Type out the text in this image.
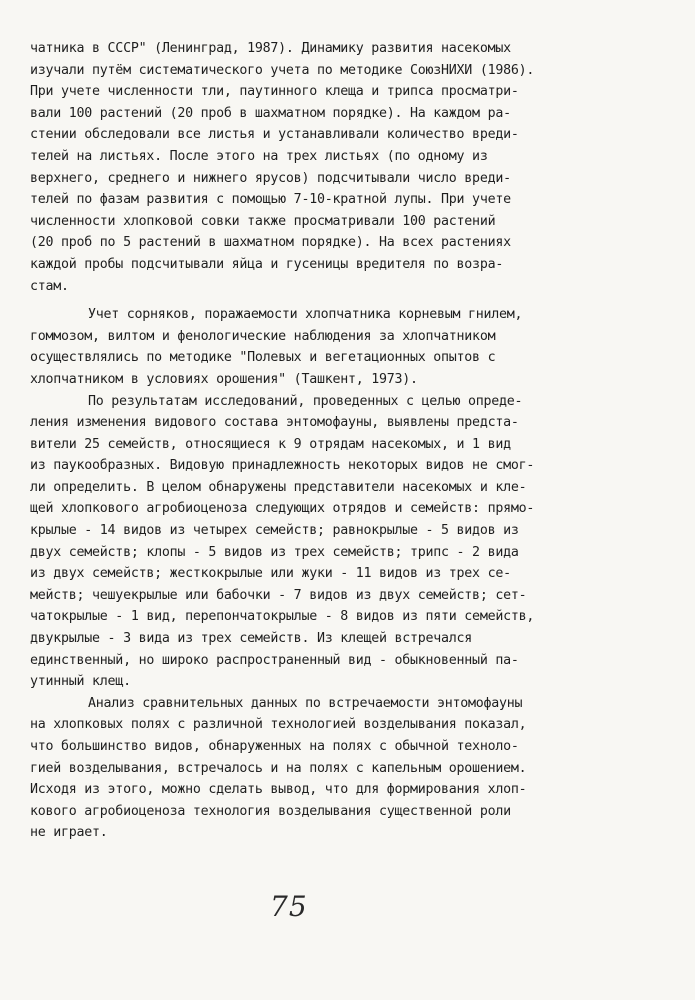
чатника в СССР" (Ленинград, 1987). Динамику развития насекомых
изучали путём систематического учета по методике СоюзНИХИ (1986).
При учете численности тли, паутинного клеща и трипса просматри-
вали 100 растений (20 проб в шахматном порядке). На каждом ра-
стении обследовали все листья и устанавливали количество вреди-
телей на листьях. После этого на трех листьях (по одному из
верхнего, среднего и нижнего ярусов) подсчитывали число вреди-
телей по фазам развития с помощью 7-10-кратной лупы. При учете
численности хлопковой совки также просматривали 100 растений
(20 проб по 5 растений в шахматном порядке). На всех растениях
каждой пробы подсчитывали яйца и гусеницы вредителя по возра-
стам.
Учет сорняков, поражаемости хлопчатника корневым гнилем,
гоммозом, вилтом и фенологические наблюдения за хлопчатником
осуществлялись по методике "Полевых и вегетационных опытов с
хлопчатником в условиях орошения" (Ташкент, 1973).
По результатам исследований, проведенных с целью опреде-
ления изменения видового состава энтомофауны, выявлены предста-
вители 25 семейств, относящиеся к 9 отрядам насекомых, и 1 вид
из паукообразных. Видовую принадлежность некоторых видов не смог-
ли определить. В целом обнаружены представители насекомых и кле-
щей хлопкового агробиоценоза следующих отрядов и семейств: прямо-
крылые - 14 видов из четырех семейств; равнокрылые - 5 видов из
двух семейств; клопы - 5 видов из трех семейств; трипс - 2 вида
из двух семейств; жесткокрылые или жуки - 11 видов из трех се-
мейств; чешуекрылые или бабочки - 7 видов из двух семейств; сет-
чатокрылые - 1 вид, перепончатокрылые - 8 видов из пяти семейств,
двукрылые - 3 вида из трех семейств. Из клещей встречался
единственный, но широко распространенный вид - обыкновенный па-
утинный клещ.
Анализ сравнительных данных по встречаемости энтомофауны
на хлопковых полях с различной технологией возделывания показал,
что большинство видов, обнаруженных на полях с обычной техноло-
гией возделывания, встречалось и на полях с капельным орошением.
Исходя из этого, можно сделать вывод, что для формирования хлоп-
кового агробиоценоза технология возделывания существенной роли
не играет.
75
